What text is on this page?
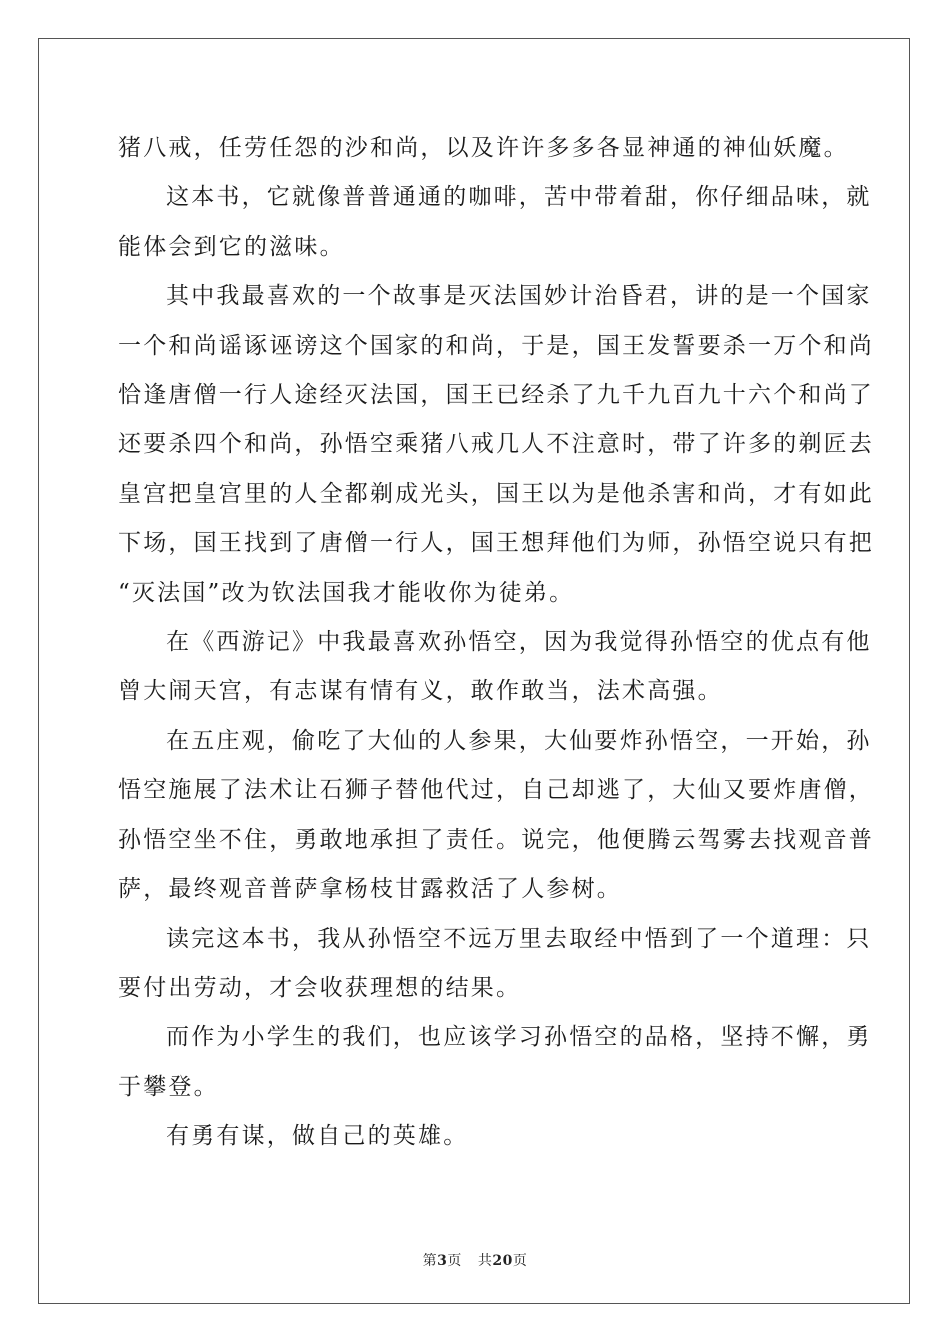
猪八戒，任劳任怨的沙和尚，以及许许多多各显神通的神仙妖魔。

这本书，它就像普普通通的咖啡，苦中带着甜，你仔细品味，就
能体会到它的滋味。

其中我最喜欢的一个故事是灭法国妙计治昏君，讲的是一个国家
一个和尚谣诼诬谤这个国家的和尚，于是，国王发誓要杀一万个和尚
恰逢唐僧一行人途经灭法国，国王已经杀了九千九百九十六个和尚了
还要杀四个和尚，孙悟空乘猪八戒几人不注意时，带了许多的剃匠去
皇宫把皇宫里的人全都剃成光头，国王以为是他杀害和尚，才有如此
下场，国王找到了唐僧一行人，国王想拜他们为师，孙悟空说只有把
“灭法国”改为钦法国我才能收你为徒弟。

在《西游记》中我最喜欢孙悟空，因为我觉得孙悟空的优点有他
曾大闹天宫，有志谋有情有义，敢作敢当，法术高强。

在五庄观，偷吃了大仙的人参果，大仙要炸孙悟空，一开始，孙
悟空施展了法术让石狮子替他代过，自己却逃了，大仙又要炸唐僧，
孙悟空坐不住，勇敢地承担了责任。说完，他便腾云驾雾去找观音普
萨，最终观音普萨拿杨枝甘露救活了人参树。

读完这本书，我从孙悟空不远万里去取经中悟到了一个道理：只
要付出劳动，才会收获理想的结果。

而作为小学生的我们，也应该学习孙悟空的品格，坚持不懈，勇
于攀登。

有勇有谋，做自己的英雄。

第3页 共20页
